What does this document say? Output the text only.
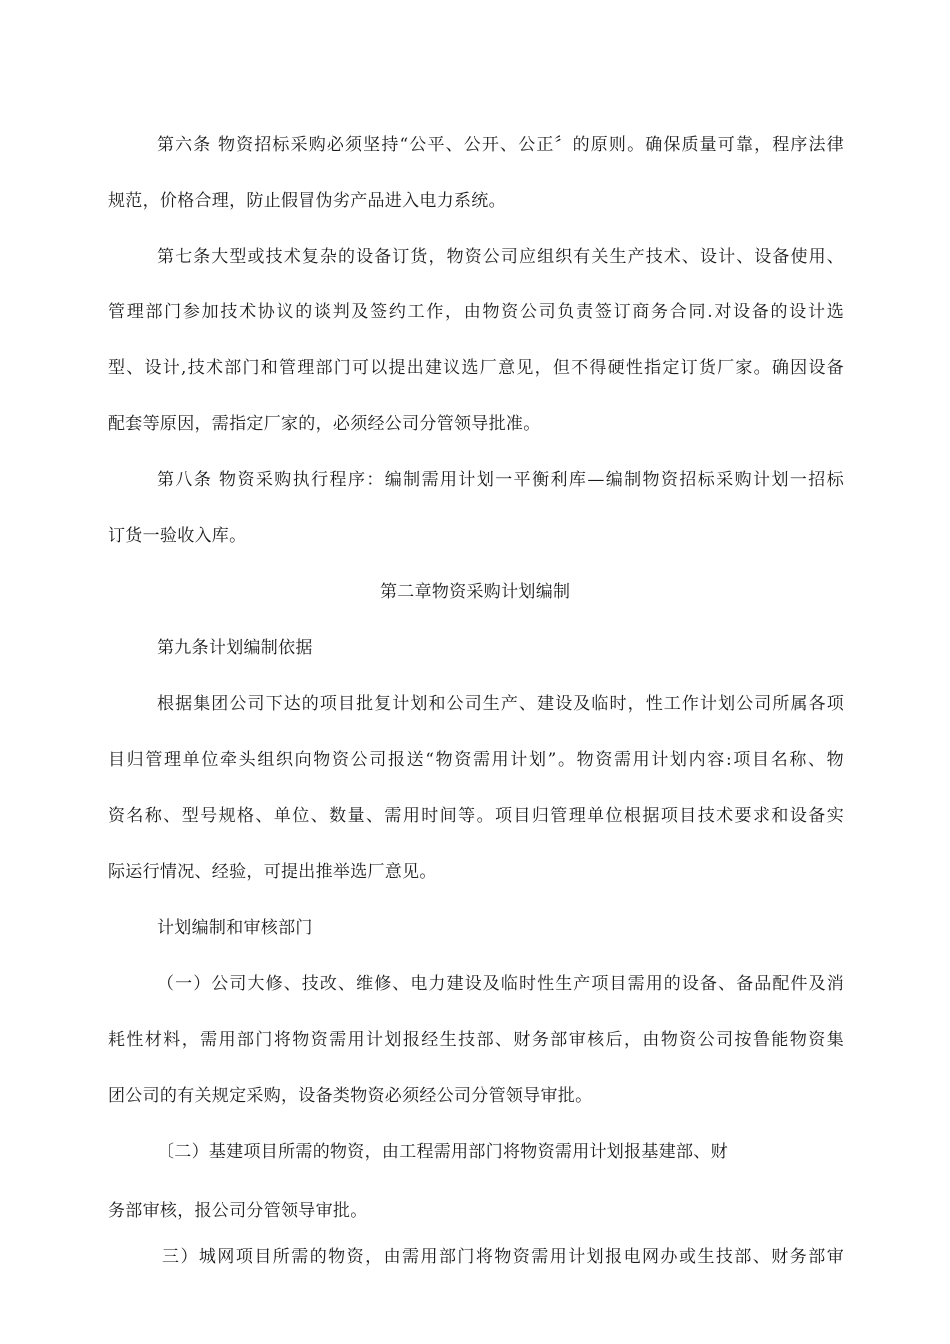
第六条 物资招标采购必须坚持“公平、公开、公正〞的原则。确保质量可靠，程序法律
规范，价格合理，防止假冒伪劣产品进入电力系统。
第七条大型或技术复杂的设备订货，物资公司应组织有关生产技术、设计、设备使用、
管理部门参加技术协议的谈判及签约工作，由物资公司负责签订商务合同.对设备的设计选
型、设计,技术部门和管理部门可以提出建议选厂意见，但不得硬性指定订货厂家。确因设备
配套等原因，需指定厂家的，必须经公司分管领导批准。
第八条 物资采购执行程序：编制需用计划一平衡利库—编制物资招标采购计划一招标
订货一验收入库。
第二章物资采购计划编制
第九条计划编制依据
根据集团公司下达的项目批复计划和公司生产、建设及临时，性工作计划公司所属各项
目归管理单位牵头组织向物资公司报送“物资需用计划”。物资需用计划内容:项目名称、物
资名称、型号规格、单位、数量、需用时间等。项目归管理单位根据项目技术要求和设备实
际运行情况、经验，可提出推举选厂意见。
计划编制和审核部门
（一）公司大修、技改、维修、电力建设及临时性生产项目需用的设备、备品配件及消
耗性材料，需用部门将物资需用计划报经生技部、财务部审核后，由物资公司按鲁能物资集
团公司的有关规定采购，设备类物资必须经公司分管领导审批。
〔二）基建项目所需的物资，由工程需用部门将物资需用计划报基建部、财
务部审核，报公司分管领导审批。
三）城网项目所需的物资，由需用部门将物资需用计划报电网办或生技部、财务部审
